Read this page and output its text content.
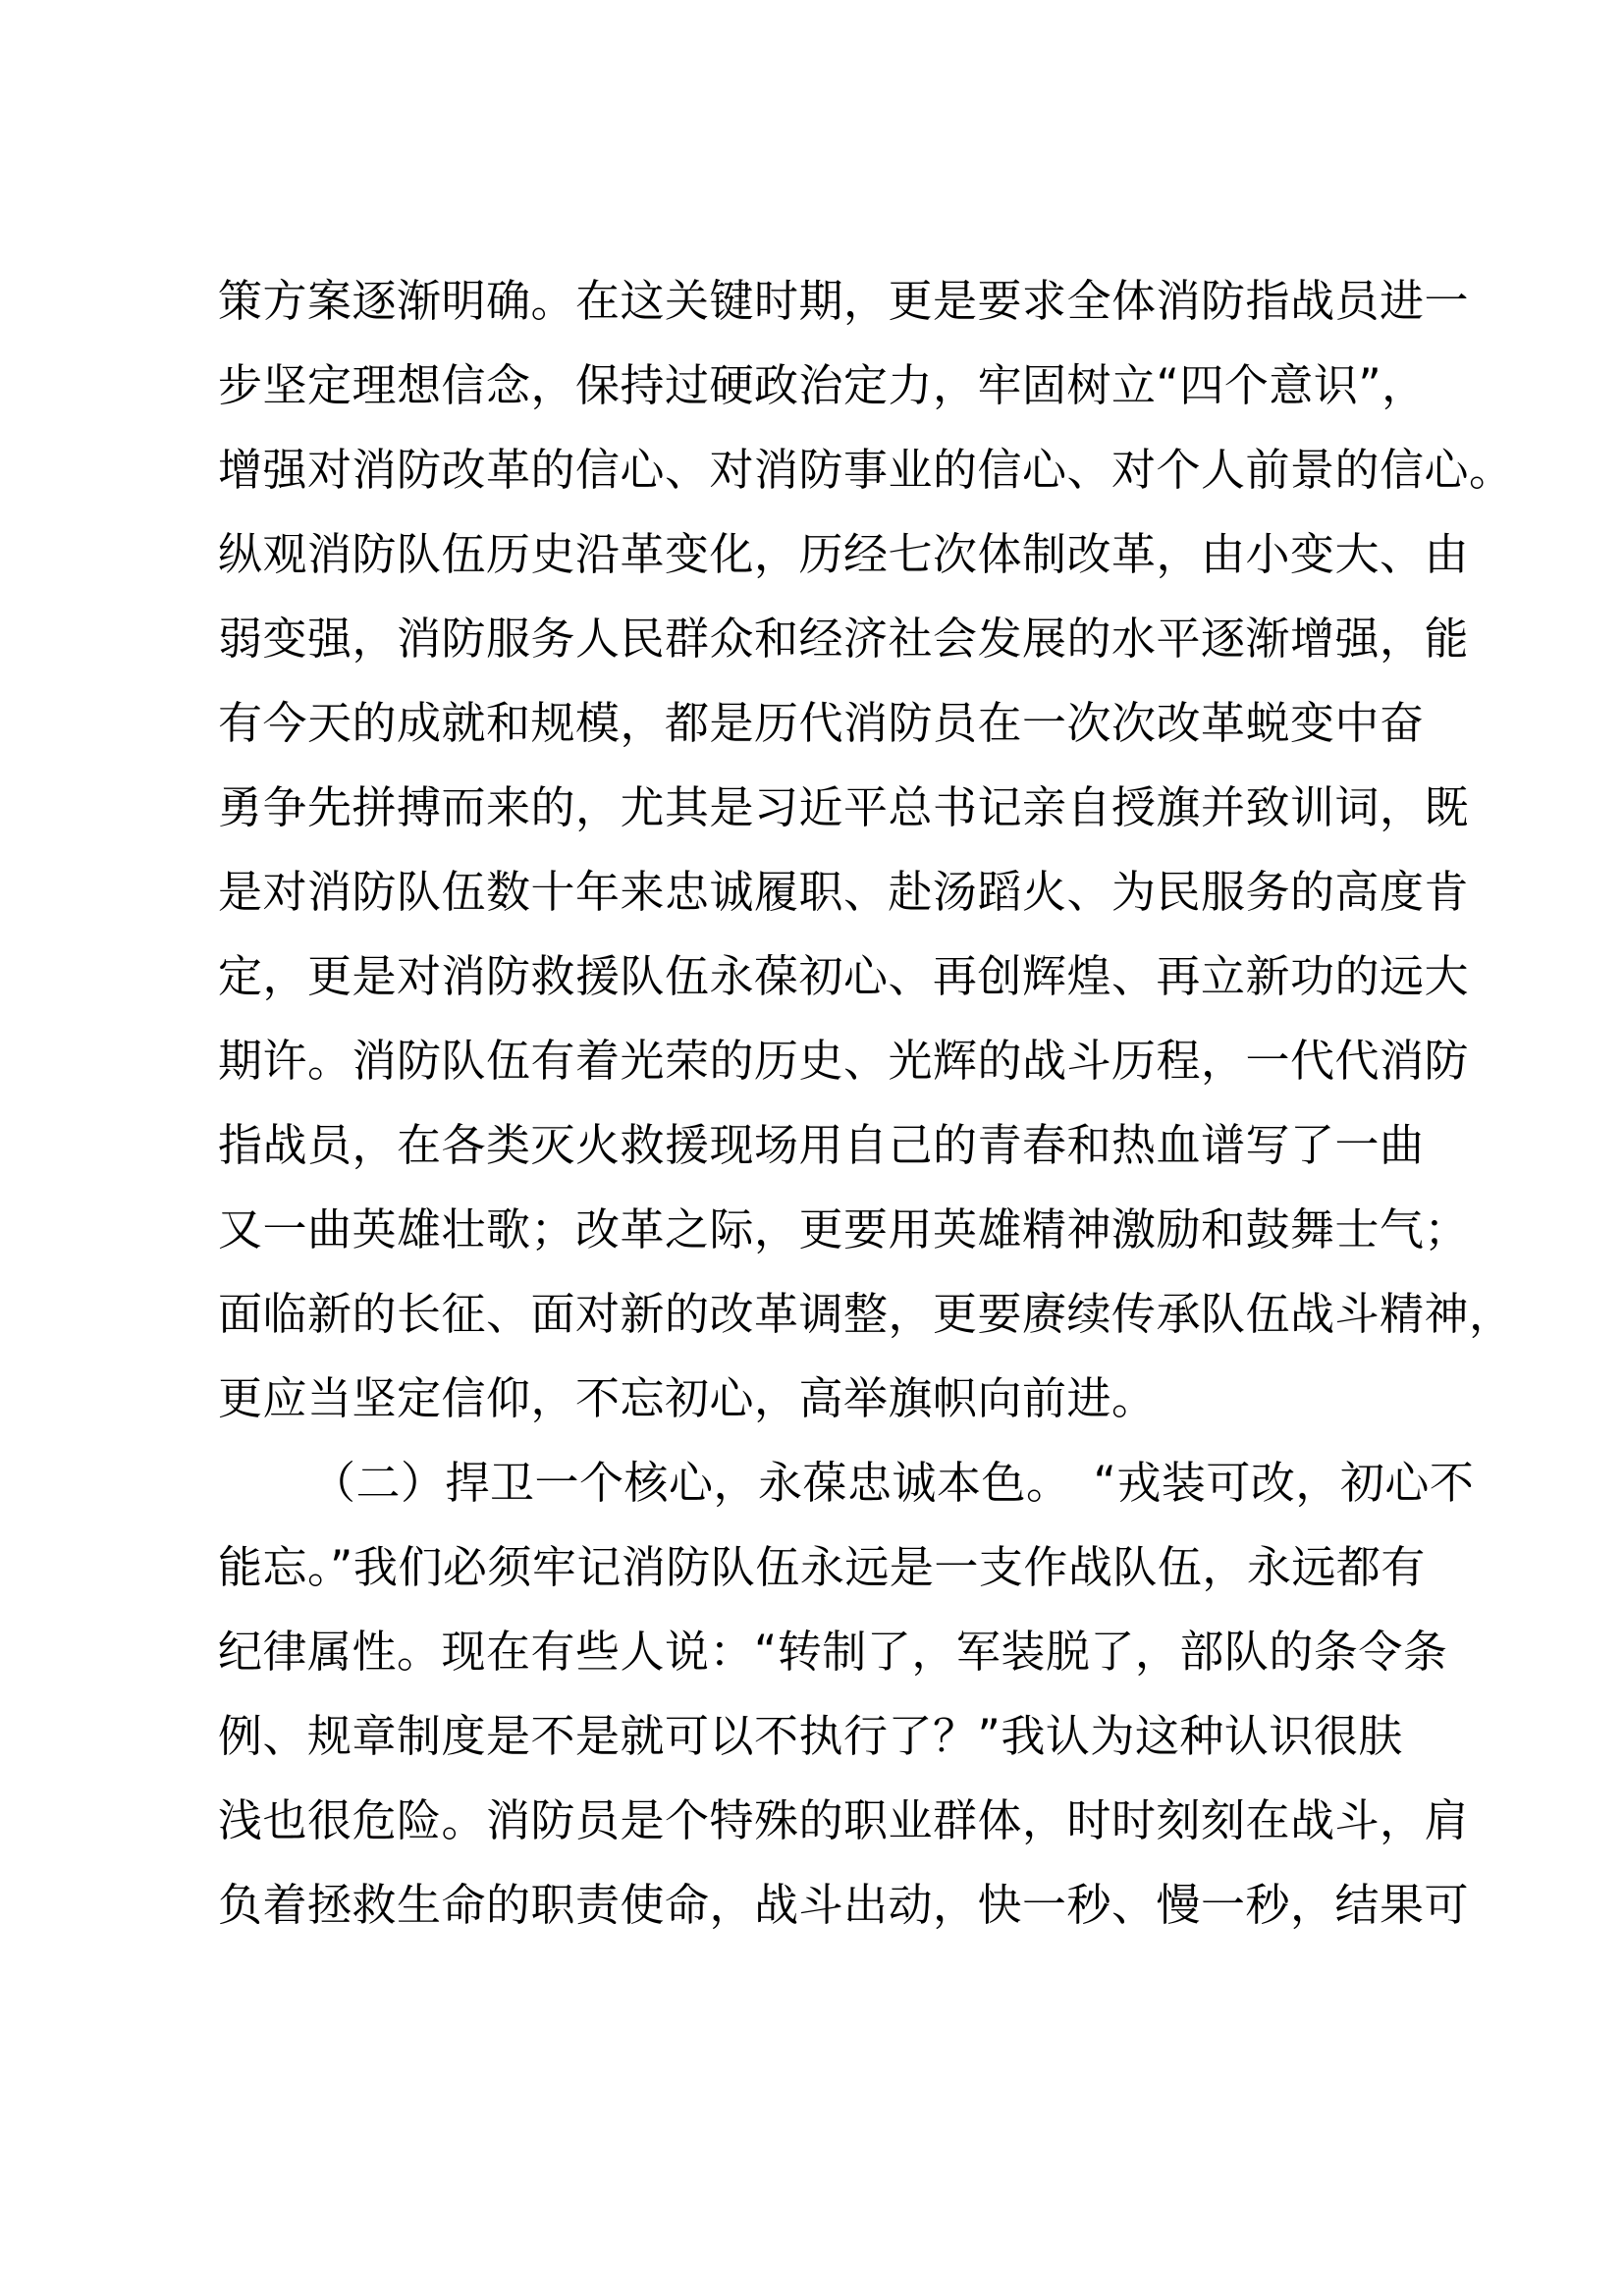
策方案逐渐明确。在这关键时期，更是要求全体消防指战员进一
步坚定理想信念，保持过硬政治定力，牢固树立“四个意识”，
增强对消防改革的信心、对消防事业的信心、对个人前景的信心。
纵观消防队伍历史沿革变化，历经七次体制改革，由小变大、由
弱变强，消防服务人民群众和经济社会发展的水平逐渐增强，能
有今天的成就和规模，都是历代消防员在一次次改革蜕变中奋
勇争先拼搏而来的，尤其是习近平总书记亲自授旗并致训词，既
是对消防队伍数十年来忠诚履职、赴汤蹈火、为民服务的高度肯
定，更是对消防救援队伍永葆初心、再创辉煌、再立新功的远大
期许。消防队伍有着光荣的历史、光辉的战斗历程，一代代消防
指战员，在各类灭火救援现场用自己的青春和热血谱写了一曲
又一曲英雄壮歌；改革之际，更要用英雄精神激励和鼓舞士气；
面临新的长征、面对新的改革调整，更要赓续传承队伍战斗精神，
更应当坚定信仰，不忘初心，高举旗帜向前进。
（二）捍卫一个核心，永葆忠诚本色。　“戎装可改，初心不
能忘。”我们必须牢记消防队伍永远是一支作战队伍，永远都有
纪律属性。现在有些人说：“转制了，军装脱了，部队的条令条
例、规章制度是不是就可以不执行了？”我认为这种认识很肤
浅也很危险。消防员是个特殊的职业群体，时时刻刻在战斗，肩
负着拯救生命的职责使命，战斗出动，快一秒、慢一秒，结果可
